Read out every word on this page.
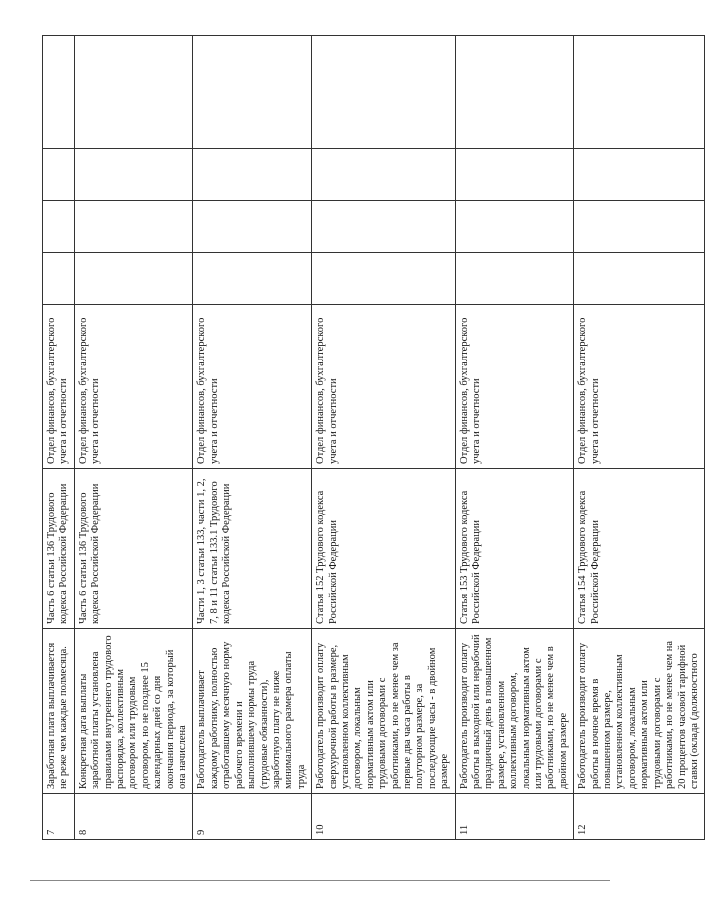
7	Заработная плата выплачивается не реже чем каждые полмесяца.	Часть 6 статьи 136 Трудового кодекса Российской Федерации	Отдел финансов, бухгалтерского учета и отчетности				
8	Конкретная дата выплаты заработной платы установлена правилами внутреннего трудового распорядка, коллективным договором или трудовым договором, но не позднее 15 календарных дней со дня окончания периода, за который она начислена	Часть 6 статьи 136 Трудового кодекса Российской Федерации	Отдел финансов, бухгалтерского учета и отчетности				
9	Работодатель выплачивает каждому работнику, полностью отработавшему месячную норму рабочего времени и выполнившему нормы труда (трудовые обязанности), заработную плату не ниже минимального размера оплаты труда	Части 1, 3 статьи 133, части 1, 2, 7, 8 и 11 статьи 133.1 Трудового кодекса Российской Федерации	Отдел финансов, бухгалтерского учета и отчетности				
10	Работодатель производит оплату сверхурочной работы в размере, установленном коллективным договором, локальным нормативным актом или трудовыми договорами с работниками, но не менее чем за первые два часа работы в полуторном размере, за последующие часы - в двойном размере	Статья 152 Трудового кодекса Российской Федерации	Отдел финансов, бухгалтерского учета и отчетности				
11	Работодатель производит оплату работы в выходной или нерабочий праздничный день в повышенном размере, установленном коллективным договором, локальным нормативным актом или трудовыми договорами с работниками, но не менее чем в двойном размере	Статья 153 Трудового кодекса Российской Федерации	Отдел финансов, бухгалтерского учета и отчетности				
12	Работодатель производит оплату работы в ночное время в повышенном размере, установленном коллективным договором, локальным нормативным актом или трудовыми договорами с работниками, но не менее чем на 20 процентов часовой тарифной ставки (оклада (должностного	Статья 154 Трудового кодекса Российской Федерации	Отдел финансов, бухгалтерского учета и отчетности				
